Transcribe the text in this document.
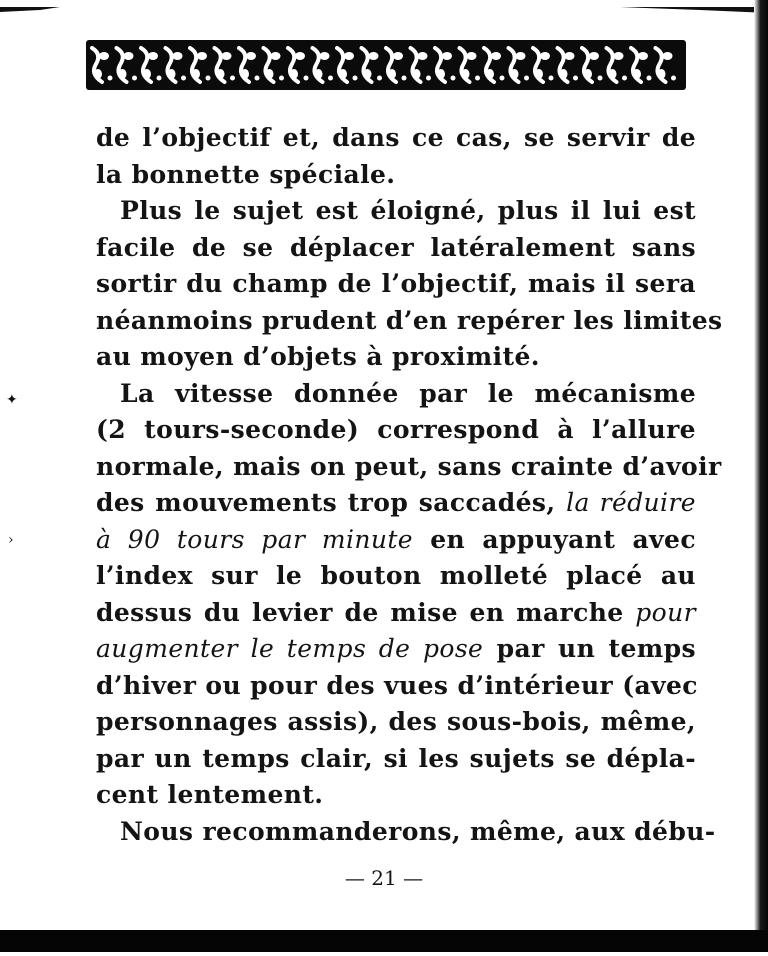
✦
›
de l’objectif et, dans ce cas, se servir de
la bonnette spéciale.
Plus le sujet est éloigné, plus il lui est
facile de se déplacer latéralement sans
sortir du champ de l’objectif, mais il sera
néanmoins prudent d’en repérer les limites
au moyen d’objets à proximité.
La vitesse donnée par le mécanisme
(2 tours-seconde) correspond à l’allure
normale, mais on peut, sans crainte d’avoir
des mouvements trop saccadés, la réduire
à 90 tours par minute en appuyant avec
l’index sur le bouton molleté placé au
dessus du levier de mise en marche pour
augmenter le temps de pose par un temps
d’hiver ou pour des vues d’intérieur (avec
personnages assis), des sous-bois, même,
par un temps clair, si les sujets se dépla-
cent lentement.
Nous recommanderons, même, aux débu-
— 21 —
